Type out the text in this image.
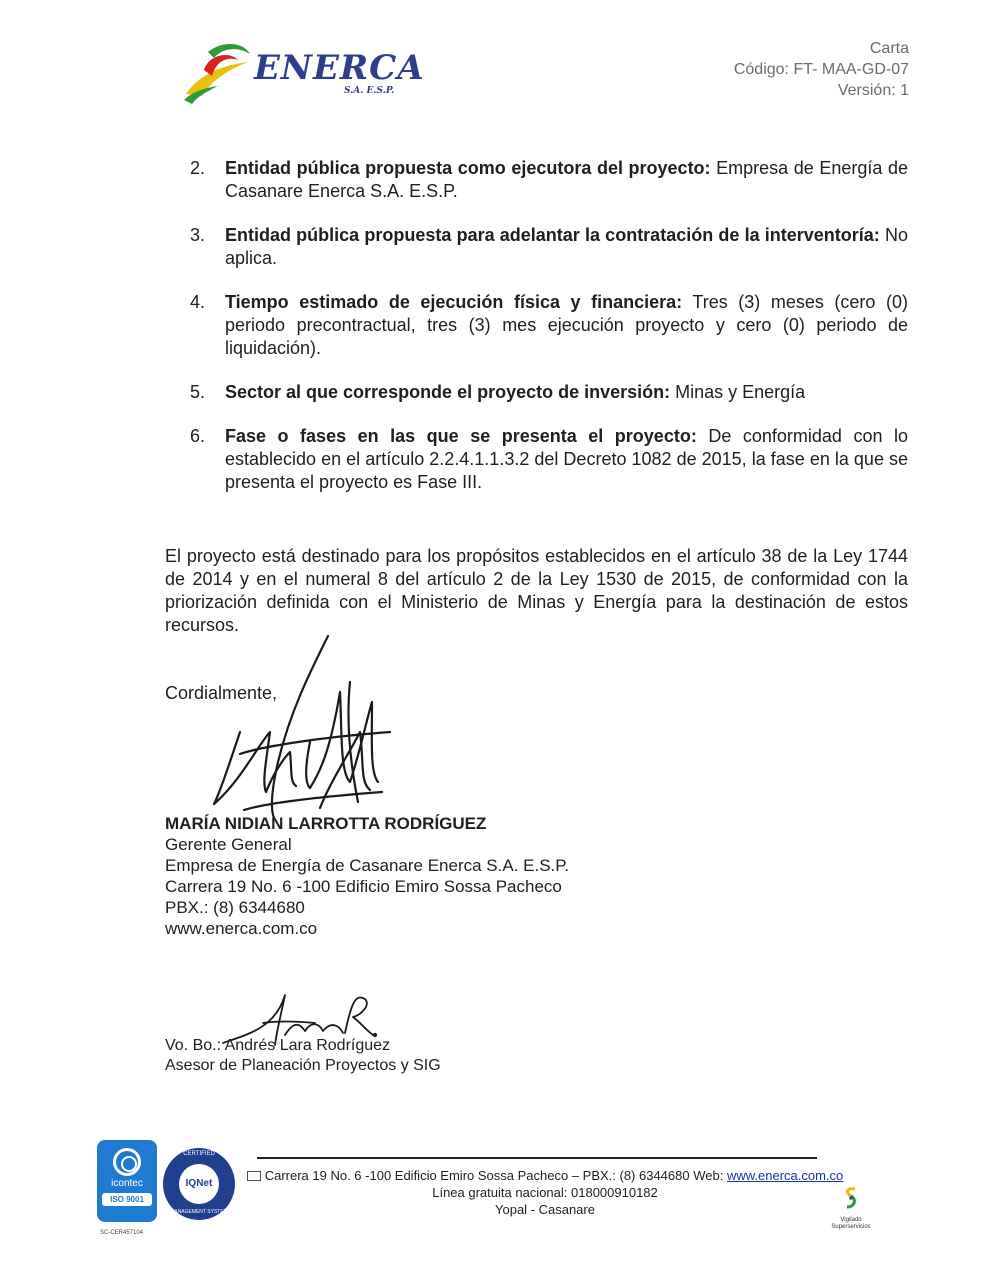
ENERCA
S.A. E.S.P.
Carta
Código: FT- MAA-GD-07
Versión: 1
2. Entidad pública propuesta como ejecutora del proyecto: Empresa de Energía de Casanare Enerca S.A. E.S.P.
3. Entidad pública propuesta para adelantar la contratación de la interventoría: No aplica.
4. Tiempo estimado de ejecución física y financiera: Tres (3) meses (cero (0) periodo precontractual, tres (3) mes ejecución proyecto y cero (0) periodo de liquidación).
5. Sector al que corresponde el proyecto de inversión: Minas y Energía
6. Fase o fases en las que se presenta el proyecto: De conformidad con lo establecido en el artículo 2.2.4.1.1.3.2 del Decreto 1082 de 2015, la fase en la que se presenta el proyecto es Fase III.
El proyecto está destinado para los propósitos establecidos en el artículo 38 de la Ley 1744 de 2014 y en el numeral 8 del artículo 2 de la Ley 1530 de 2015, de conformidad con la priorización definida con el Ministerio de Minas y Energía para la destinación de estos recursos.
Cordialmente,
MARÍA NIDIAN LARROTTA RODRÍGUEZ
Gerente General
Empresa de Energía de Casanare Enerca S.A. E.S.P.
Carrera 19 No. 6 -100 Edificio Emiro Sossa Pacheco
PBX.: (8) 6344680
www.enerca.com.co
Vo. Bo.: Andrés Lara Rodríguez
Asesor de Planeación Proyectos y SIG
icontec
ISO 9001
SC-CER457104
CERTIFIED
IQNet
MANAGEMENT SYSTEM
Carrera 19 No. 6 -100 Edificio Emiro Sossa Pacheco – PBX.: (8) 6344680 Web: www.enerca.com.co
Línea gratuita nacional: 018000910182
Yopal - Casanare
Vigilado Superservicios
